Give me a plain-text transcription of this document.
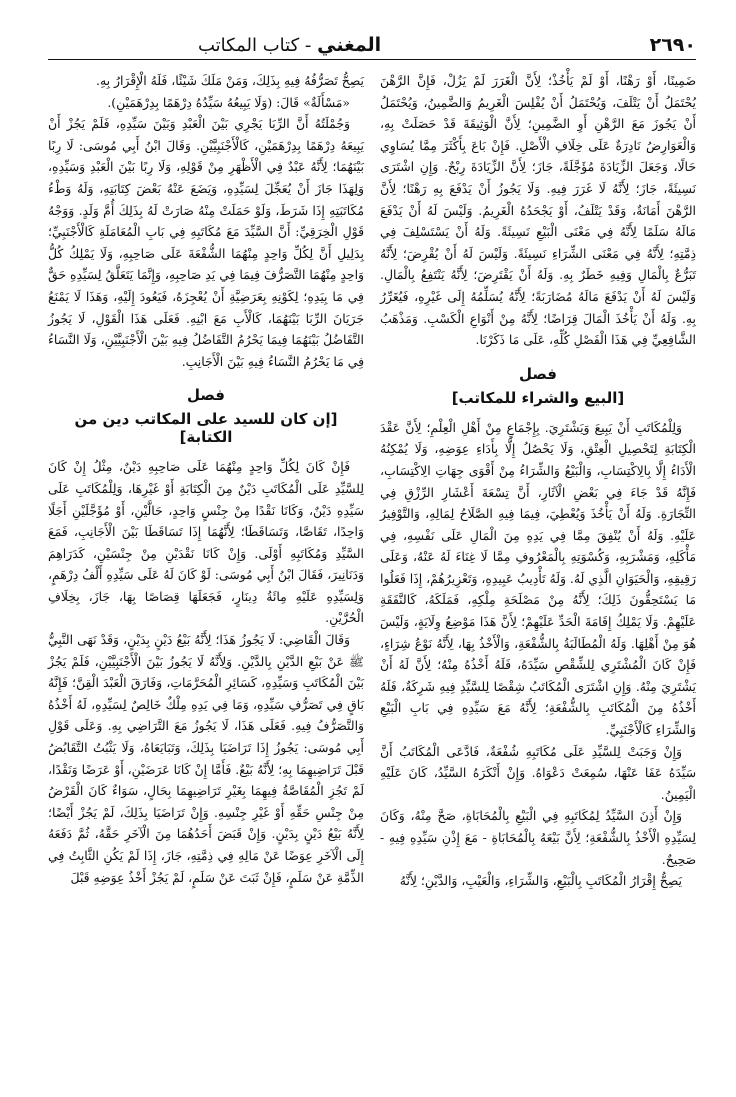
٢٦٩٠
المغني - كتاب المكاتب

ضَمِينًا، أَوْ رَهْنًا، أَوْ لَمْ يَأْخُذْ؛ لِأَنَّ الْغَرَرَ لَمْ يَزُلْ، فَإِنَّ الرَّهْنَ يُحْتَمَلُ أَنْ يَتْلَفَ، وَيُحْتَمَلُ أَنْ يُفْلِسَ الْغَرِيمُ وَالضَّمِينُ، وَيُحْتَمَلُ أَنْ يَجُوزَ مَعَ الرَّهْنِ أَوِ الضَّمِينِ؛ لِأَنَّ الْوَثِيقَةَ قَدْ حَصَلَتْ بِهِ، وَالْعَوَارِضُ نَادِرَةٌ عَلَى خِلَافِ الْأَصْلِ. فَإِنْ بَاعَ بِأَكْثَرَ مِمَّا يُسَاوِي حَالًا، وَجَعَلَ الزِّيَادَةَ مُؤَجَّلَةً، جَازَ؛ لِأَنَّ الزِّيَادَةَ رِبْحٌ. وَإِنِ اشْتَرَى نَسِيئَةً، جَازَ؛ لِأَنَّهُ لَا غَرَرَ فِيهِ. وَلَا يَجُوزُ أَنْ يَدْفَعَ بِهِ رَهْنًا؛ لِأَنَّ الرَّهْنَ أَمَانَةٌ، وَقَدْ يَتْلَفُ، أَوْ يَجْحَدُهُ الْغَرِيمُ. وَلَيْسَ لَهُ أَنْ يَدْفَعَ مَالَهُ سَلَمًا لِأَنَّهُ فِي مَعْنَى الْبَيْعِ نَسِيئَةً. وَلَهُ أَنْ يَسْتَسْلِفَ فِي ذِمَّتِهِ؛ لِأَنَّهُ فِي مَعْنَى الشِّرَاءِ نَسِيئَةً. وَلَيْسَ لَهُ أَنْ يُقْرِضَ؛ لِأَنَّهُ تَبَرُّعٌ بِالْمَالِ وَفِيهِ خَطَرٌ بِهِ. وَلَهُ أَنْ يَقْتَرِضَ؛ لِأَنَّهُ يَنْتَفِعُ بِالْمَالِ. وَلَيْسَ لَهُ أَنْ يَدْفَعَ مَالَهُ مُضَارَبَةً؛ لِأَنَّهُ يُسَلِّمُهُ إِلَى غَيْرِهِ، فَيُغَرِّرُ بِهِ. وَلَهُ أَنْ يَأْخُذَ الْمَالَ قِرَاضًا؛ لِأَنَّهُ مِنْ أَنْوَاعِ الْكَسْبِ. وَمَذْهَبُ الشَّافِعِيِّ فِي هَذَا الْفَصْلِ كُلِّهِ، عَلَى مَا ذَكَرْنَا.

فصل
[البيع والشراء للمكاتب]

وَلِلْمُكَاتَبِ أَنْ يَبِيعَ وَيَشْتَرِيَ. بِإِجْمَاعٍ مِنْ أَهْلِ الْعِلْمِ؛ لِأَنَّ عَقْدَ الْكِتَابَةِ لِتَحْصِيلِ الْعِتْقِ، وَلَا يَحْصُلُ إِلَّا بِأَدَاءِ عِوَضِهِ، وَلَا يُمْكِنُهُ الْأَدَاءُ إِلَّا بِالِاكْتِسَابِ، وَالْبَيْعُ وَالشِّرَاءُ مِنْ أَقْوَى جِهَاتِ الِاكْتِسَابِ، فَإِنَّهُ قَدْ جَاءَ فِي بَعْضِ الْآثَارِ، أَنَّ تِسْعَةَ أَعْشَارِ الرِّزْقِ فِي التِّجَارَةِ. وَلَهُ أَنْ يَأْخُذَ وَيُعْطِيَ، فِيمَا فِيهِ الصَّلَاحُ لِمَالِهِ، وَالتَّوْفِيرُ عَلَيْهِ. وَلَهُ أَنْ يُنْفِقَ مِمَّا فِي يَدِهِ مِنَ الْمَالِ عَلَى نَفْسِهِ، فِي مَأْكَلِهِ، وَمَشْرَبِهِ، وَكُسْوَتِهِ بِالْمَعْرُوفِ مِمَّا لَا غِنَاءَ لَهُ عَنْهُ، وَعَلَى رَقِيقِهِ، وَالْحَيَوَانِ الَّذِي لَهُ. وَلَهُ تَأْدِيبُ عَبِيدِهِ، وَتَعْزِيرُهُمْ، إِذَا فَعَلُوا مَا يَسْتَحِقُّونَ ذَلِكَ؛ لِأَنَّهُ مِنْ مَصْلَحَةِ مِلْكِهِ، فَمَلَكَهُ، كَالنَّفَقَةِ عَلَيْهِمْ. وَلَا يَمْلِكُ إِقَامَةَ الْحَدِّ عَلَيْهِمْ؛ لِأَنَّ هَذَا مَوْضِعُ وِلَايَةٍ، وَلَيْسَ هُوَ مِنْ أَهْلِهَا. وَلَهُ الْمُطَالَبَةُ بِالشُّفْعَةِ، وَالْأَخْذُ بِهَا، لِأَنَّهُ نَوْعُ شِرَاءٍ، فَإِنْ كَانَ الْمُشْتَرِي لِلشِّقْصِ سَيِّدَهُ، فَلَهُ أَخْذُهُ مِنْهُ؛ لِأَنَّ لَهُ أَنْ يَشْتَرِيَ مِنْهُ. وَإِنِ اشْتَرَى الْمُكَاتَبُ شِقْصًا لِلسَّيِّدِ فِيهِ شَرِكَةٌ، فَلَهُ أَخْذُهُ مِنَ الْمُكَاتَبِ بِالشُّفْعَةِ؛ لِأَنَّهُ مَعَ سَيِّدِهِ فِي بَابِ الْبَيْعِ وَالشِّرَاءِ كَالْأَجْنَبِيِّ.

وَإِنْ وَجَبَتْ لِلسَّيِّدِ عَلَى مُكَاتَبِهِ شُفْعَةٌ، فَادَّعَى الْمُكَاتَبُ أَنَّ سَيِّدَهُ عَفَا عَنْهَا، سُمِعَتْ دَعْوَاهُ. وَإِنْ أَنْكَرَهُ السَّيِّدُ، كَانَ عَلَيْهِ الْيَمِينُ.

وَإِنْ أَذِنَ السَّيِّدُ لِمُكَاتَبِهِ فِي الْبَيْعِ بِالْمُحَابَاةِ، صَحَّ مِنْهُ، وَكَانَ لِسَيِّدِهِ الْأَخْذُ بِالشُّفْعَةِ؛ لِأَنَّ بَيْعَهُ بِالْمُحَابَاةِ - مَعَ إِذْنِ سَيِّدِهِ فِيهِ - صَحِيحٌ.

يَصِحُّ إِقْرَارُ الْمُكَاتَبِ بِالْبَيْعِ، وَالشِّرَاءِ، وَالْعَيْبِ، وَالدَّيْنِ؛ لِأَنَّهُ

يَصِحُّ تَصَرُّفُهُ فِيهِ بِذَلِكَ، وَمَنْ مَلَكَ شَيْئًا، فَلَهُ الْإِقْرَارُ بِهِ.

«مَسْأَلَةٌ» قَالَ: (وَلَا يَبِيعُهُ سَيِّدُهُ دِرْهَمًا بِدِرْهَمَيْنِ).

وَجُمْلَتُهُ أَنَّ الرِّبَا يَجْرِي بَيْنَ الْعَبْدِ وَبَيْنَ سَيِّدِهِ، فَلَمْ يَجُزْ أَنْ يَبِيعَهُ دِرْهَمًا بِدِرْهَمَيْنِ، كَالْأَجْنَبِيَّيْنِ. وَقَالَ ابْنُ أَبِي مُوسَى: لَا رِبًا بَيْنَهُمَا؛ لِأَنَّهُ عَبْدٌ فِي الْأَظْهَرِ مِنْ قَوْلِهِ، وَلَا رِبًا بَيْنَ الْعَبْدِ وَسَيِّدِهِ، وَلِهَذَا جَازَ أَنْ يُعَجِّلَ لِسَيِّدِهِ، وَيَضَعَ عَنْهُ بَعْضَ كِتَابَتِهِ، وَلَهُ وَطْءُ مُكَاتَبَتِهِ إِذَا شَرَطَ، وَلَوْ حَمَلَتْ مِنْهُ صَارَتْ لَهُ بِذَلِكَ أُمَّ وَلَدٍ. وَوَجْهُ قَوْلِ الْخِرَقِيِّ: أَنَّ السَّيِّدَ مَعَ مُكَاتَبِهِ فِي بَابِ الْمُعَامَلَةِ كَالْأَجْنَبِيِّ؛ بِدَلِيلِ أَنَّ لِكُلِّ وَاحِدٍ مِنْهُمَا الشُّفْعَةَ عَلَى صَاحِبِهِ، وَلَا يَمْلِكُ كُلُّ وَاحِدٍ مِنْهُمَا التَّصَرُّفَ فِيمَا فِي يَدِ صَاحِبِهِ، وَإِنَّمَا يَتَعَلَّقُ لِسَيِّدِهِ حَقٌّ فِي مَا بِيَدِهِ؛ لِكَوْنِهِ بِعَرَضِيَّةِ أَنْ يُعْجِزَهُ، فَيَعُودَ إِلَيْهِ، وَهَذَا لَا يَمْنَعُ جَرَيَانَ الرِّبَا بَيْنَهُمَا، كَالْأَبِ مَعَ ابْنِهِ. فَعَلَى هَذَا الْقَوْلِ، لَا يَجُوزُ التَّفَاضُلُ بَيْنَهُمَا فِيمَا يَحْرُمُ التَّفَاضُلُ فِيهِ بَيْنَ الْأَجْنَبِيَّيْنِ، وَلَا النَّسَاءُ فِي مَا يَحْرُمُ النَّسَاءُ فِيهِ بَيْنَ الْأَجَانِبِ.

فصل
[إن كان للسيد على المكاتب دين من الكتابة]

فَإِنْ كَانَ لِكُلِّ وَاحِدٍ مِنْهُمَا عَلَى صَاحِبِهِ دَيْنٌ، مِثْلُ إِنْ كَانَ لِلسَّيِّدِ عَلَى الْمُكَاتَبِ دَيْنٌ مِنَ الْكِتَابَةِ أَوْ غَيْرِهَا، وَلِلْمُكَاتَبِ عَلَى سَيِّدِهِ دَيْنٌ، وَكَانَا نَقْدًا مِنْ جِنْسٍ وَاحِدٍ، حَالَّيْنِ، أَوْ مُؤَجَّلَيْنِ أَجَلًا وَاحِدًا، تَقَاصَّا، وَتَسَاقَطَا؛ لِأَنَّهُمَا إِذَا تَسَاقَطَا بَيْنَ الْأَجَانِبِ، فَمَعَ السَّيِّدِ وَمُكَاتَبِهِ أَوْلَى. وَإِنْ كَانَا نَقْدَيْنِ مِنْ جِنْسَيْنِ، كَدَرَاهِمَ وَدَنَانِيرَ، فَقَالَ ابْنُ أَبِي مُوسَى: لَوْ كَانَ لَهُ عَلَى سَيِّدِهِ أَلْفُ دِرْهَمٍ، وَلِسَيِّدِهِ عَلَيْهِ مِائَةُ دِينَارٍ، فَجَعَلَهَا قِصَاصًا بِهَا، جَازَ، بِخِلَافِ الْحُرَّيْنِ.

وَقَالَ الْقَاضِي: لَا يَجُوزُ هَذَا؛ لِأَنَّهُ بَيْعُ دَيْنٍ بِدَيْنٍ، وَقَدْ نَهَى النَّبِيُّ ﷺ عَنْ بَيْعِ الدَّيْنِ بِالدَّيْنِ. وَلِأَنَّهُ لَا يَجُوزُ بَيْنَ الْأَجْنَبِيَّيْنِ، فَلَمْ يَجُزْ بَيْنَ الْمُكَاتَبِ وَسَيِّدِهِ، كَسَائِرِ الْمُحَرَّمَاتِ، وَفَارَقَ الْعَبْدَ الْقِنَّ؛ فَإِنَّهُ بَاقٍ فِي تَصَرُّفِ سَيِّدِهِ، وَمَا فِي يَدِهِ مِلْكٌ خَالِصٌ لِسَيِّدِهِ، لَهُ أَخْذُهُ وَالتَّصَرُّفُ فِيهِ. فَعَلَى هَذَا، لَا يَجُوزُ مَعَ التَّرَاضِي بِهِ. وَعَلَى قَوْلِ أَبِي مُوسَى: يَجُوزُ إِذَا تَرَاضَيَا بِذَلِكَ، وَتَبَايَعَاهُ، وَلَا يَثْبُتُ التَّقَابُضُ قَبْلَ تَرَاضِيهِمَا بِهِ؛ لِأَنَّهُ بَيْعٌ. فَأَمَّا إِنْ كَانَا عَرَضَيْنِ، أَوْ عَرَضًا وَنَقْدًا، لَمْ تَجُزِ الْمُقَاصَّةُ فِيهِمَا بِغَيْرِ تَرَاضِيهِمَا بِحَالٍ، سَوَاءٌ كَانَ الْقَرْضُ مِنْ جِنْسِ حَقِّهِ أَوْ غَيْرِ جِنْسِهِ. وَإِنْ تَرَاضَيَا بِذَلِكَ، لَمْ يَجُزْ أَيْضًا؛ لِأَنَّهُ بَيْعُ دَيْنٍ بِدَيْنٍ. وَإِنْ قَبَضَ أَحَدُهُمَا مِنَ الْآخَرِ حَقَّهُ، ثُمَّ دَفَعَهُ إِلَى الْآخَرِ عِوَضًا عَنْ مَالِهِ فِي ذِمَّتِهِ، جَازَ، إِذَا لَمْ يَكُنِ الثَّابِتُ فِي الذِّمَّةِ عَنْ سَلَمٍ، فَإِنْ ثَبَتَ عَنْ سَلَمٍ، لَمْ يَجُزْ أَخْذُ عِوَضِهِ قَبْلَ
